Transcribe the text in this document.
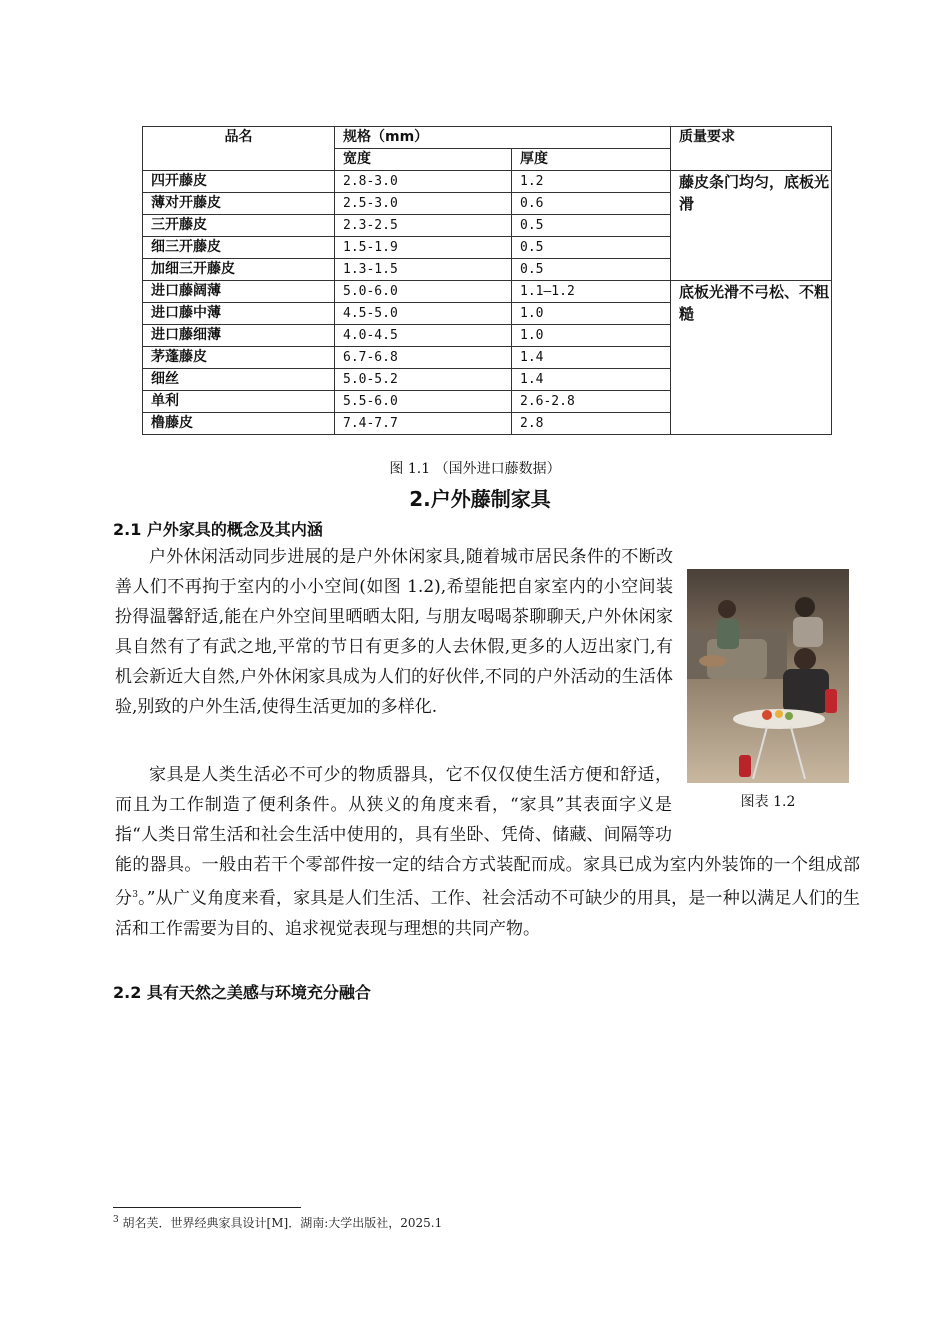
品名	规格（mm）		质量要求
	宽度	厚度	
四开藤皮	2.8-3.0	1.2	藤皮条门均匀，底板光滑
薄对开藤皮	2.5-3.0	0.6	
三开藤皮	2.3-2.5	0.5	
细三开藤皮	1.5-1.9	0.5	
加细三开藤皮	1.3-1.5	0.5	
进口藤阔薄	5.0-6.0	1.1—1.2	底板光滑不弓松、不粗糙
进口藤中薄	4.5-5.0	1.0	
进口藤细薄	4.0-4.5	1.0	
茅蓬藤皮	6.7-6.8	1.4	
细丝	5.0-5.2	1.4	
单利	5.5-6.0	2.6-2.8	
橹藤皮	7.4-7.7	2.8	
图 1.1 （国外进口藤数据）
2.户外藤制家具
2.1 户外家具的概念及其内涵

户外休闲活动同步进展的是户外休闲家具,随着城市居民条件的不断改善人们不再拘于室内的小小空间(如图 1.2),希望能把自家室内的小空间装扮得温馨舒适,能在户外空间里晒晒太阳, 与朋友喝喝茶聊聊天,户外休闲家具自然有了有武之地,平常的节日有更多的人去休假,更多的人迈出家门,有机会新近大自然,户外休闲家具成为人们的好伙伴,不同的户外活动的生活体验,别致的户外生活,使得生活更加的多样化.

家具是人类生活必不可少的物质器具，它不仅仅使生活方便和舒适，而且为工作制造了便利条件。从狭义的角度来看，“家具”其表面字义是指“人类日常生活和社会生活中使用的，具有坐卧、凭倚、储藏、间隔等功能的器具。一般由若干个零部件按一定的结合方式装配而成。家具已成为室内外装饰的一个组成部分$^3$。”从广义角度来看，家具是人们生活、工作、社会活动不可缺少的用具，是一种以满足人们的生活和工作需要为目的、追求视觉表现与理想的共同产物。

图表 1.2
2.2 具有天然之美感与环境充分融合
$^3$ 胡名芙．世界经典家具设计[M]．湖南:大学出版社，2025.1
